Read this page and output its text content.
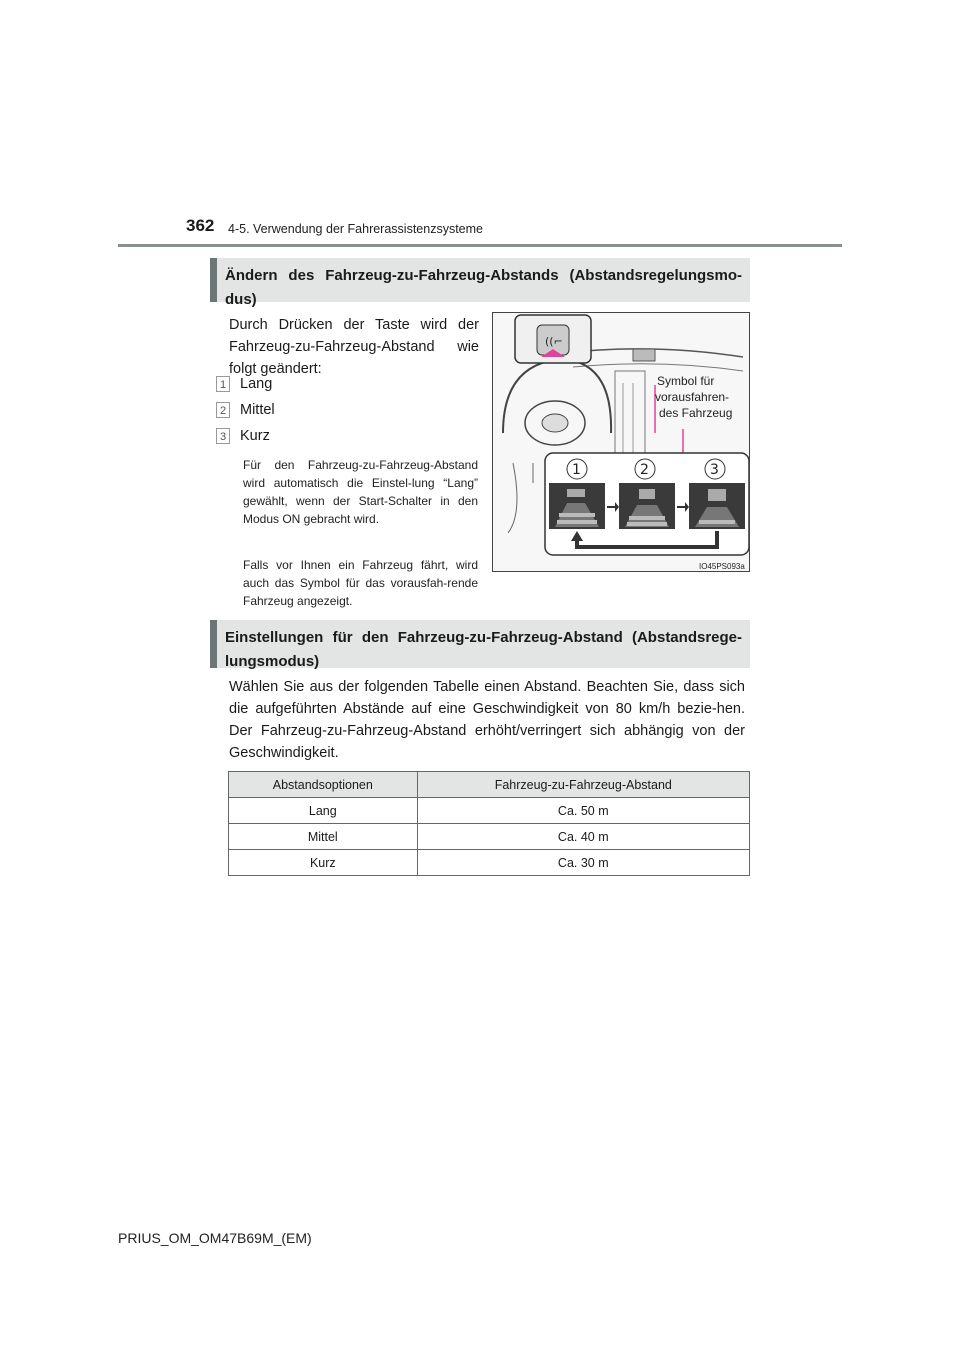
362 4-5. Verwendung der Fahrerassistenzsysteme
Ändern des Fahrzeug-zu-Fahrzeug-Abstands (Abstandsregelungsmo-dus)
Durch Drücken der Taste wird der Fahrzeug-zu-Fahrzeug-Abstand wie folgt geändert:
1 Lang
2 Mittel
3 Kurz
Für den Fahrzeug-zu-Fahrzeug-Abstand wird automatisch die Einstel-lung “Lang” gewählt, wenn der Start-Schalter in den Modus ON gebracht wird.
Falls vor Ihnen ein Fahrzeug fährt, wird auch das Symbol für das vorausfah-rende Fahrzeug angezeigt.
((⌐
1	2	3
Symbol für
vorausfahren-
des Fahrzeug
IO45PS093a
Einstellungen für den Fahrzeug-zu-Fahrzeug-Abstand (Abstandsrege-lungsmodus)
Wählen Sie aus der folgenden Tabelle einen Abstand. Beachten Sie, dass sich die aufgeführten Abstände auf eine Geschwindigkeit von 80 km/h bezie-hen. Der Fahrzeug-zu-Fahrzeug-Abstand erhöht/verringert sich abhängig von der Geschwindigkeit.
Abstandsoptionen	Fahrzeug-zu-Fahrzeug-Abstand
Lang	Ca. 50 m
Mittel	Ca. 40 m
Kurz	Ca. 30 m
PRIUS_OM_OM47B69M_(EM)
